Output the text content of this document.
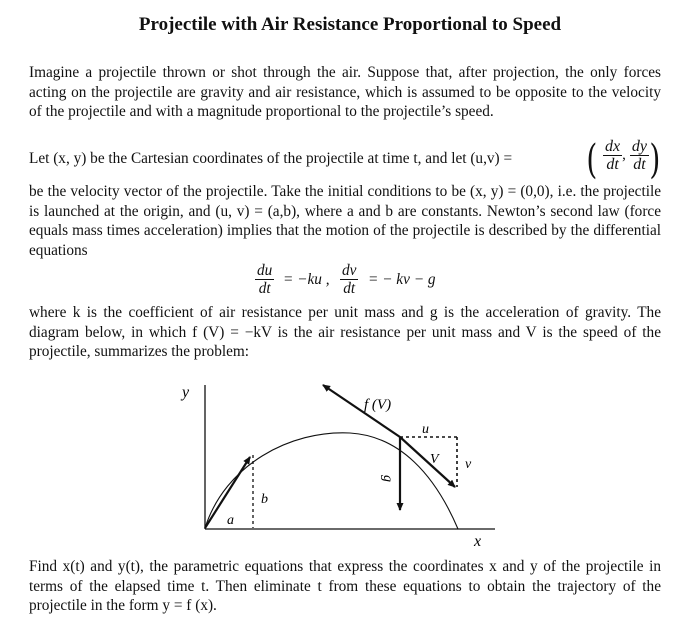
Projectile with Air Resistance Proportional to Speed

Imagine a projectile thrown or shot through the air. Suppose that, after projection, the only forces acting on the projectile are gravity and air resistance, which is assumed to be opposite to the velocity of the projectile and with a magnitude proportional to the projectile’s speed.

Let (x, y) be the Cartesian coordinates of the projectile at time t, and let (u,v) = ( $\frac{dx}{dt}$ , $\frac{dy}{dt}$ )

be the velocity vector of the projectile. Take the initial conditions to be (x, y) = (0,0), i.e. the projectile is launched at the origin, and (u, v) = (a,b), where a and b are constants. Newton’s second law (force equals mass times acceleration) implies that the motion of the projectile is described by the differential equations

$\frac{du}{dt} = -ku$ , $\frac{dv}{dt}$ = − kv − g

where k is the coefficient of air resistance per unit mass and g is the acceleration of gravity. The diagram below, in which f (V) = −kV is the air resistance per unit mass and V is the speed of the projectile, summarizes the problem:

y
x
a
b
f (V)
u
v
V
g

Find x(t) and y(t), the parametric equations that express the coordinates x and y of the projectile in terms of the elapsed time t. Then eliminate t from these equations to obtain the trajectory of the projectile in the form y = f (x).
